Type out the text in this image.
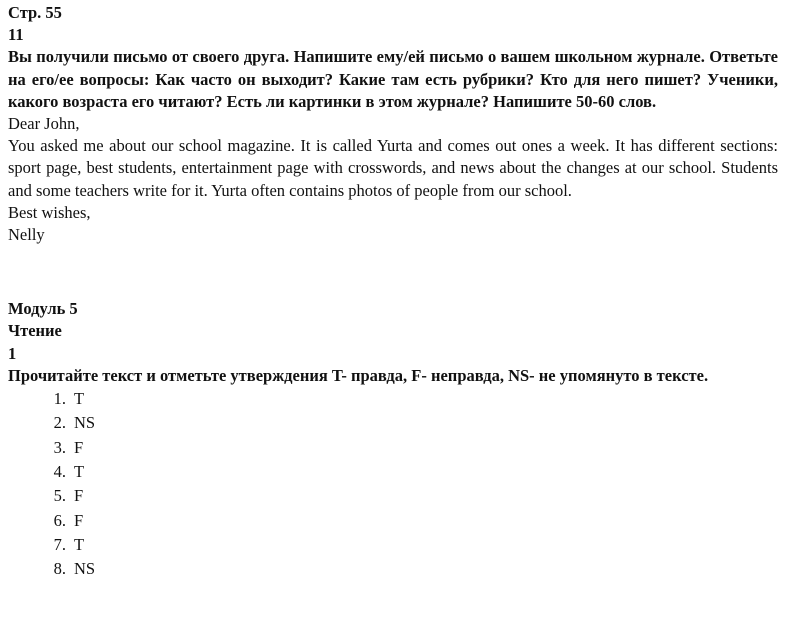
Стр. 55
11
Вы получили письмо от своего друга. Напишите ему/ей письмо о вашем школьном журнале. Ответьте на его/ее вопросы: Как часто он выходит? Какие там есть рубрики? Кто для него пишет? Ученики, какого возраста его читают? Есть ли картинки в этом журнале? Напишите 50-60 слов.
Dear John,
You asked me about our school magazine. It is called Yurta and comes out ones a week. It has different sections: sport page, best students, entertainment page with crosswords, and news about the changes at our school. Students and some teachers write for it. Yurta often contains photos of people from our school.
Best wishes,
Nelly
Модуль 5
Чтение
1
Прочитайте текст и отметьте утверждения T- правда, F- неправда, NS- не упомянуто в тексте.
1. T
2. NS
3. F
4. T
5. F
6. F
7. T
8. NS
